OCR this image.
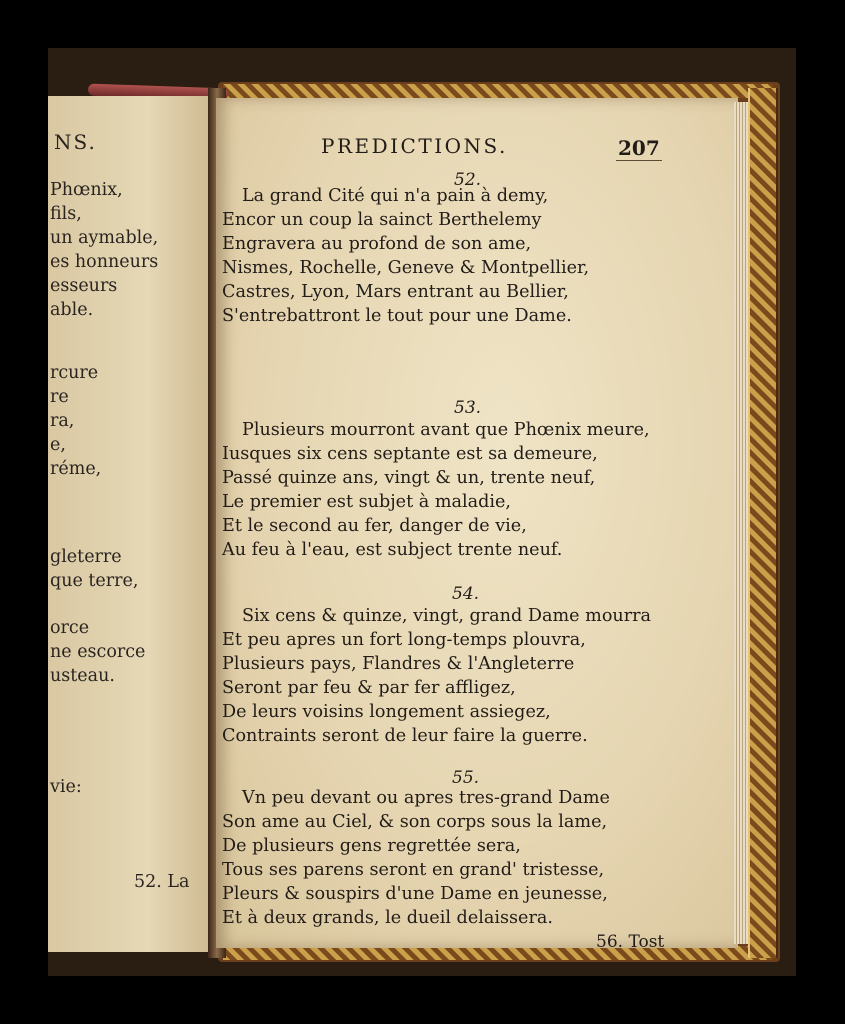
NS.
Phœnix,
fils,
un aymable,
es honneurs
esseurs
able.
rcure
re
ra,
e,
réme,
gleterre
que terre,
orce
ne escorce
usteau.
vie:
52. La
PREDICTIONS.	207
52.
La grand Cité qui n'a pain à demy,
Encor un coup la sainct Berthelemy
Engravera au profond de son ame,
Nismes, Rochelle, Geneve & Montpellier,
Castres, Lyon, Mars entrant au Bellier,
S'entrebattront le tout pour une Dame.
53.
Plusieurs mourront avant que Phœnix meure,
Iusques six cens septante est sa demeure,
Passé quinze ans, vingt & un, trente neuf,
Le premier est subjet à maladie,
Et le second au fer, danger de vie,
Au feu à l'eau, est subject trente neuf.
54.
Six cens & quinze, vingt, grand Dame mourra
Et peu apres un fort long-temps plouvra,
Plusieurs pays, Flandres & l'Angleterre
Seront par feu & par fer affligez,
De leurs voisins longement assiegez,
Contraints seront de leur faire la guerre.
55.
Vn peu devant ou apres tres-grand Dame
Son ame au Ciel, & son corps sous la lame,
De plusieurs gens regrettée sera,
Tous ses parens seront en grand' tristesse,
Pleurs & souspirs d'une Dame en jeunesse,
Et à deux grands, le dueil delaissera.
56. Tost
